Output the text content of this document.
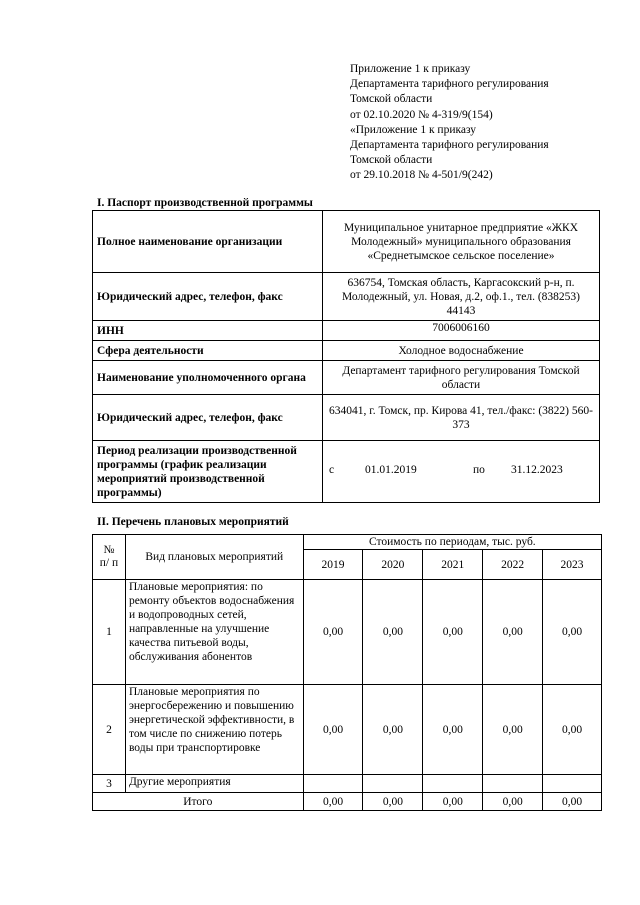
Приложение 1 к приказу
Департамента тарифного регулирования
Томской области
от 02.10.2020 № 4-319/9(154)
«Приложение 1 к приказу
Департамента тарифного регулирования
Томской области
от 29.10.2018 № 4-501/9(242)
I. Паспорт производственной программы
Полное наименование организации	Муниципальное унитарное предприятие «ЖКХ Молодежный» муниципального образования «Среднетымское сельское поселение»
Юридический адрес, телефон, факс	636754, Томская область, Каргасокский р-н, п. Молодежный, ул. Новая, д.2, оф.1., тел. (838253) 44143
ИНН	7006006160
Сфера деятельности	Холодное водоснабжение
Наименование уполномоченного органа	Департамент тарифного регулирования Томской области
Юридический адрес, телефон, факс	634041, г. Томск, пр. Кирова 41, тел./факс: (3822) 560-373
Период реализации производственной программы (график реализации мероприятий производственной программы)	с 01.01.2019 по 31.12.2023
II. Перечень плановых мероприятий
№ п/ п	Вид плановых мероприятий	Стоимость по периодам, тыс. руб.				
		2019	2020	2021	2022	2023
1	Плановые мероприятия: по ремонту объектов водоснабжения и водопроводных сетей, направленные на улучшение качества питьевой воды, обслуживания абонентов	0,00	0,00	0,00	0,00	0,00
2	Плановые мероприятия по энергосбережению и повышению энергетической эффективности, в том числе по снижению потерь воды при транспортировке	0,00	0,00	0,00	0,00	0,00
3	Другие мероприятия					
Итого		0,00	0,00	0,00	0,00	0,00
